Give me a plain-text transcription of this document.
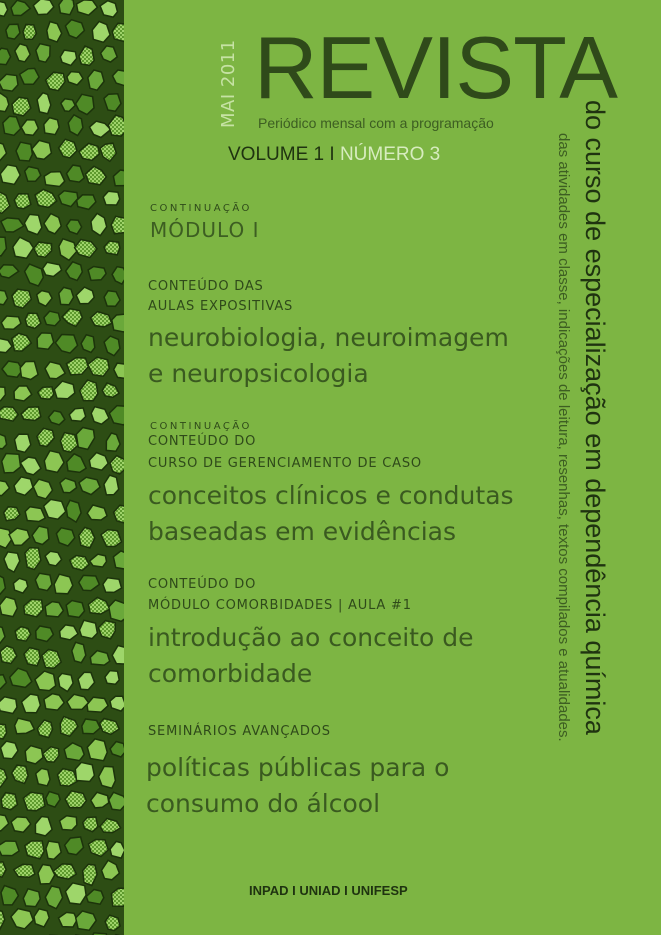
MAI 2011 REVISTA
Periódico mensal com a programação
VOLUME 1 I NÚMERO 3	do curso de especialização em dependência química
das atividades em classe, indicações de leitura, resenhas, textos compilados e atualidades.
CONTINUAÇÃO
MÓDULO I
CONTEÚDO DAS
AULAS EXPOSITIVAS
neurobiologia, neuroimagem
e neuropsicologia
CONTINUAÇÃO
CONTEÚDO DO
CURSO DE GERENCIAMENTO DE CASO
conceitos clínicos e condutas
baseadas em evidências
CONTEÚDO DO
MÓDULO COMORBIDADES | AULA #1
introdução ao conceito de
comorbidade
SEMINÁRIOS AVANÇADOS
políticas públicas para o
consumo do álcool
INPAD I UNIAD I UNIFESP
